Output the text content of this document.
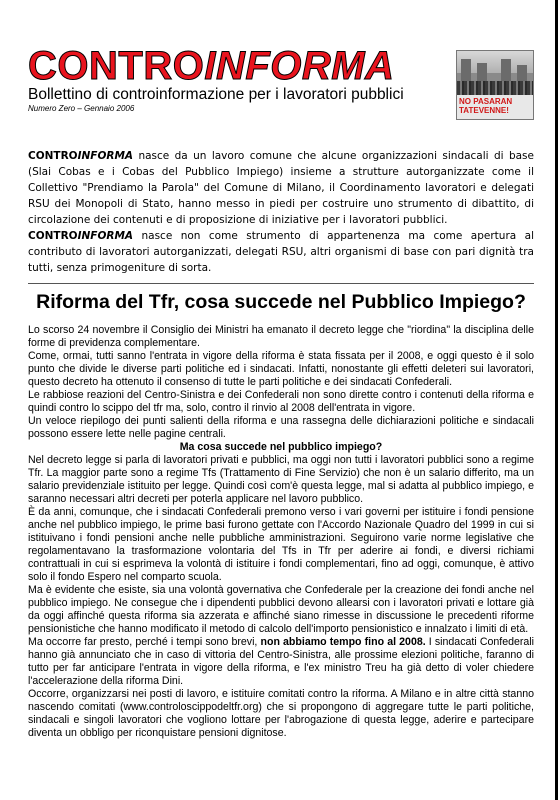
CONTROINFORMA
Bollettino di controinformazione per i lavoratori pubblici
Numero Zero – Gennaio 2006
NO PASARAN
TATEVENNE!

CONTROINFORMA nasce da un lavoro comune che alcune organizzazioni sindacali di base (Slai Cobas e i Cobas del Pubblico Impiego) insieme a strutture autorganizzate come il Collettivo "Prendiamo la Parola" del Comune di Milano, il Coordinamento lavoratori e delegati RSU dei Monopoli di Stato, hanno messo in piedi per costruire uno strumento di dibattito, di circolazione dei contenuti e di proposizione di iniziative per i lavoratori pubblici.

CONTROINFORMA nasce non come strumento di appartenenza ma come apertura al contributo di lavoratori autorganizzati, delegati RSU, altri organismi di base con pari dignità tra tutti, senza primogeniture di sorta.

Riforma del Tfr, cosa succede nel Pubblico Impiego?

Lo scorso 24 novembre il Consiglio dei Ministri ha emanato il decreto legge che "riordina" la disciplina delle forme di previdenza complementare.

Come, ormai, tutti sanno l'entrata in vigore della riforma è stata fissata per il 2008, e oggi questo è il solo punto che divide le diverse parti politiche ed i sindacati. Infatti, nonostante gli effetti deleteri sui lavoratori, questo decreto ha ottenuto il consenso di tutte le parti politiche e dei sindacati Confederali.

Le rabbiose reazioni del Centro-Sinistra e dei Confederali non sono dirette contro i contenuti della riforma e quindi contro lo scippo del tfr ma, solo, contro il rinvio al 2008 dell'entrata in vigore.

Un veloce riepilogo dei punti salienti della riforma e una rassegna delle dichiarazioni politiche e sindacali possono essere lette nelle pagine centrali.

Ma cosa succede nel pubblico impiego?

Nel decreto legge si parla di lavoratori privati e pubblici, ma oggi non tutti i lavoratori pubblici sono a regime Tfr. La maggior parte sono a regime Tfs (Trattamento di Fine Servizio) che non è un salario differito, ma un salario previdenziale istituito per legge. Quindi così com'è questa legge, mal si adatta al pubblico impiego, e saranno necessari altri decreti per poterla applicare nel lavoro pubblico.

È da anni, comunque, che i sindacati Confederali premono verso i vari governi per istituire i fondi pensione anche nel pubblico impiego, le prime basi furono gettate con l'Accordo Nazionale Quadro del 1999 in cui si istituivano i fondi pensioni anche nelle pubbliche amministrazioni. Seguirono varie norme legislative che regolamentavano la trasformazione volontaria del Tfs in Tfr per aderire ai fondi, e diversi richiami contrattuali in cui si esprimeva la volontà di istituire i fondi complementari, fino ad oggi, comunque, è attivo solo il fondo Espero nel comparto scuola.

Ma è evidente che esiste, sia una volontà governativa che Confederale per la creazione dei fondi anche nel pubblico impiego. Ne consegue che i dipendenti pubblici devono allearsi con i lavoratori privati e lottare già da oggi affinché questa riforma sia azzerata e affinché siano rimesse in discussione le precedenti riforme pensionistiche che hanno modificato il metodo di calcolo dell'importo pensionistico e innalzato i limiti di età.

Ma occorre far presto, perché i tempi sono brevi, non abbiamo tempo fino al 2008. I sindacati Confederali hanno già annunciato che in caso di vittoria del Centro-Sinistra, alle prossime elezioni politiche, faranno di tutto per far anticipare l'entrata in vigore della riforma, e l'ex ministro Treu ha già detto di voler chiedere l'accelerazione della riforma Dini.

Occorre, organizzarsi nei posti di lavoro, e istituire comitati contro la riforma. A Milano e in altre città stanno nascendo comitati (www.controloscippodeltfr.org) che si propongono di aggregare tutte le parti politiche, sindacali e singoli lavoratori che vogliono lottare per l'abrogazione di questa legge, aderire e partecipare diventa un obbligo per riconquistare pensioni dignitose.
